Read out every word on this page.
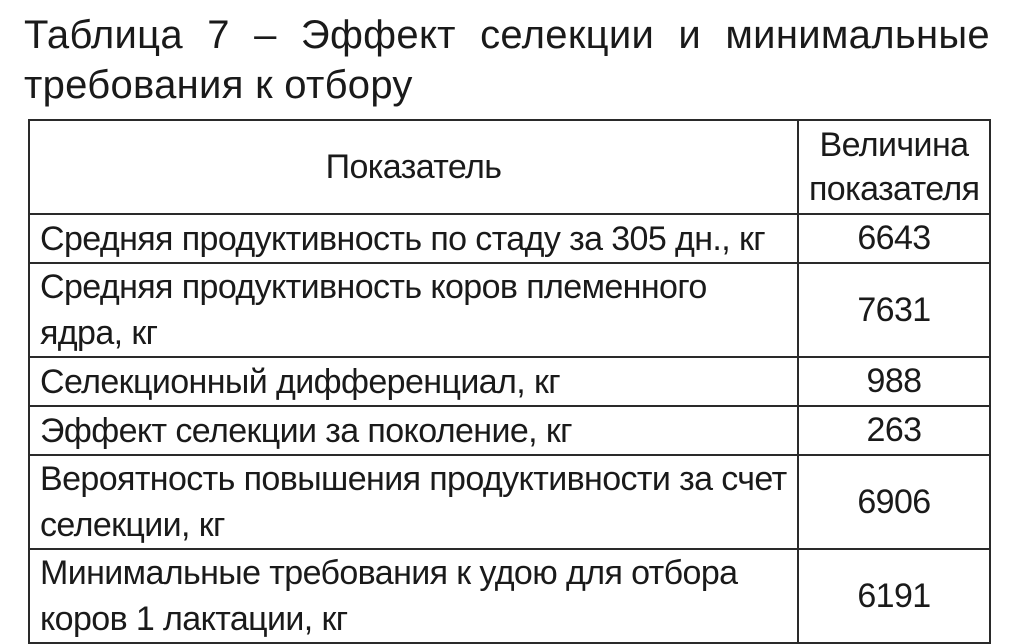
Таблица 7 – Эффект селекции и минимальные
требования к отбору
Показатель	Величина
показателя

Средняя продуктивность по стаду за 305 дн., кг	6643
Средняя продуктивность коров племенного ядра, кг	7631
Селекционный дифференциал, кг	988
Эффект селекции за поколение, кг	263

Вероятность повышения продуктивности за счет
селекции, кг	6906

Минимальные требования к удою для отбора
коров 1 лактации, кг	6191
